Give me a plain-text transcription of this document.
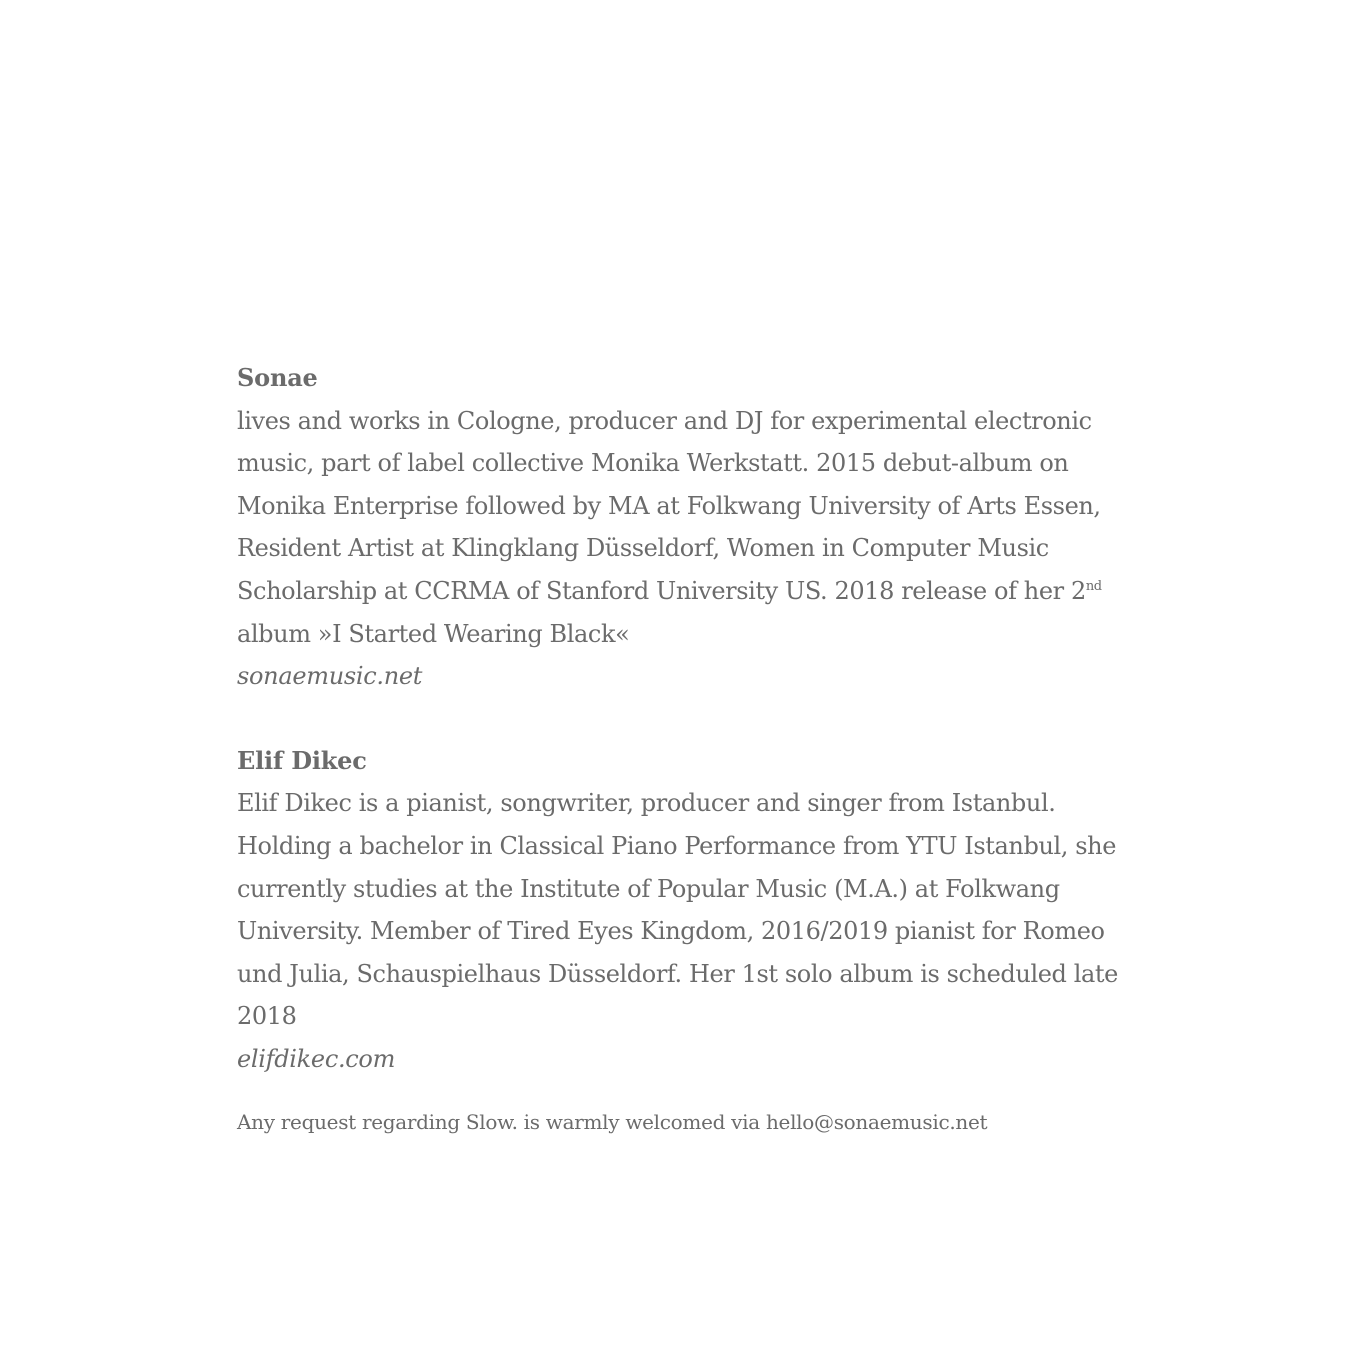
Sonae
lives and works in Cologne, producer and DJ for experimental electronic music, part of label collective Monika Werkstatt. 2015 debut-album on Monika Enterprise followed by MA at Folkwang University of Arts Essen, Resident Artist at Klingklang Düsseldorf, Women in Computer Music Scholarship at CCRMA of Stanford University US. 2018 release of her 2nd album »I Started Wearing Black«
sonaemusic.net
Elif Dikec
Elif Dikec is a pianist, songwriter, producer and singer from Istanbul. Holding a bachelor in Classical Piano Performance from YTU Istanbul, she currently studies at the Institute of Popular Music (M.A.) at Folkwang University. Member of Tired Eyes Kingdom, 2016/2019 pianist for Romeo und Julia, Schauspielhaus Düsseldorf. Her 1st solo album is scheduled late 2018
elifdikec.com
Any request regarding Slow. is warmly welcomed via hello@sonaemusic.net
